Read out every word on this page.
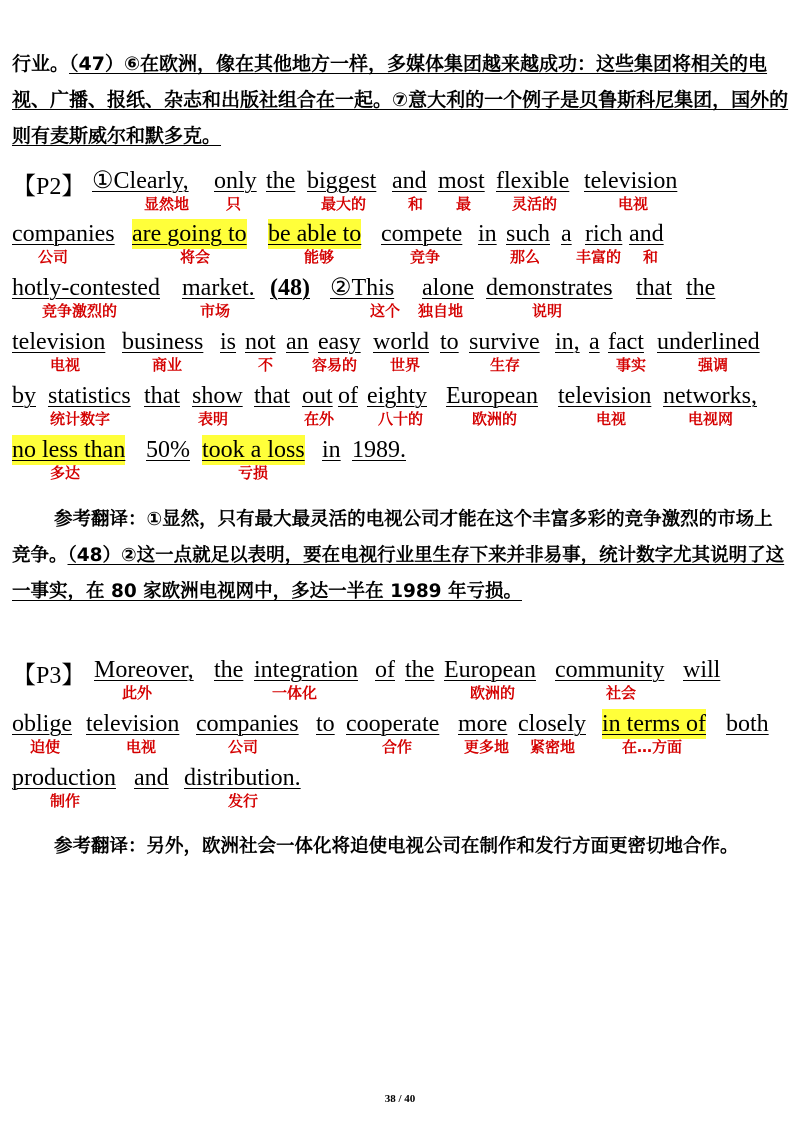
行业。（47）⑥在欧洲，像在其他地方一样，多媒体集团越来越成功：这些集团将相关的电视、广播、报纸、杂志和出版社组合在一起。⑦意大利的一个例子是贝鲁斯科尼集团，国外的则有麦斯威尔和默多克。

【P2】 ①Clearly, only the biggest and most flexible television
显然地 只	最大的	和 最	灵活的	电视
companies are going to be able to compete in such a rich and
公司	将会	能够	竞争	那么 丰富的 和
hotly-contested market. (48) ②This alone demonstrates that the
竞争激烈的	市场	这个 独自地	说明
television business is not an easy world to survive in, a fact underlined
电视	商业	不	容易的 世界	生存	事实	强调
by statistics that show that out of eighty European television networks,
统计数字	表明	在外	八十的	欧洲的	电视	电视网
no less than 50% took a loss in 1989.
多达	亏损

参考翻译：①显然，只有最大最灵活的电视公司才能在这个丰富多彩的竞争激烈的市场上竞争。（48）②这一点就足以表明，要在电视行业里生存下来并非易事，统计数字尤其说明了这一事实，在 80 家欧洲电视网中，多达一半在 1989 年亏损。

【P3】 Moreover, the integration of the European community will
此外	一体化	欧洲的	社会
oblige television companies to cooperate more closely in terms of both
迫使	电视	公司	合作	更多地 紧密地	在…方面
production and distribution.
制作	发行

参考翻译：另外，欧洲社会一体化将迫使电视公司在制作和发行方面更密切地合作。

38 / 40
